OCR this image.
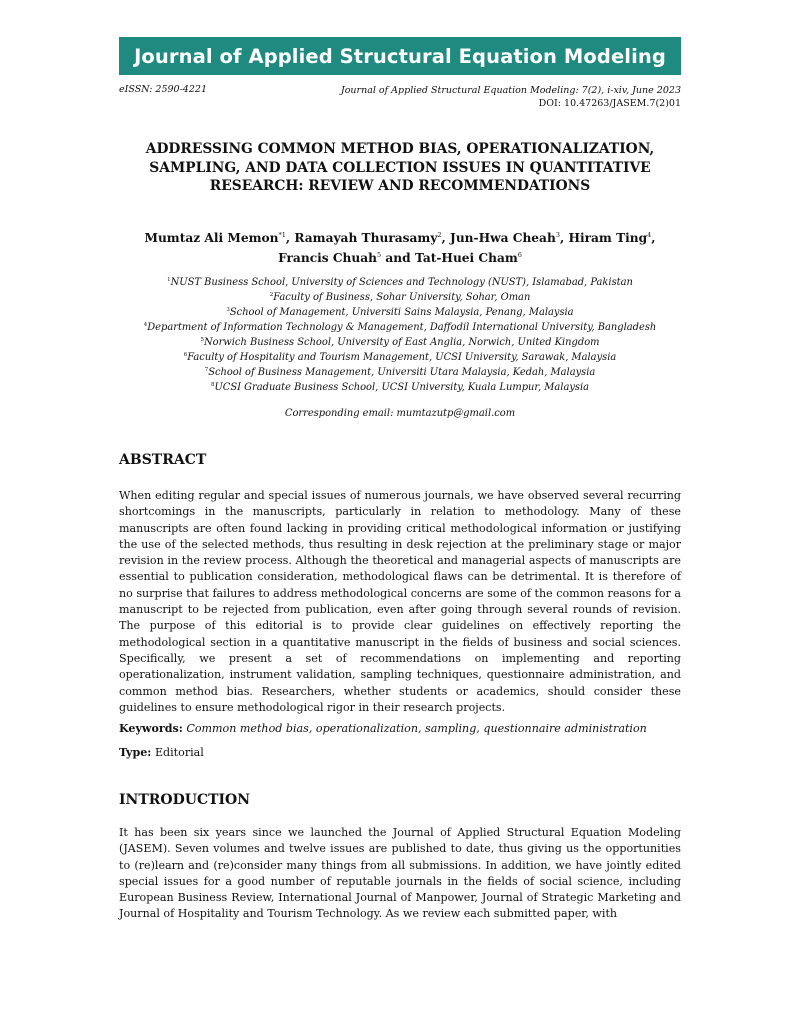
Journal of Applied Structural Equation Modeling
eISSN: 2590-4221	Journal of Applied Structural Equation Modeling: 7(2), i-xiv, June 2023
DOI: 10.47263/JASEM.7(2)01
ADDRESSING COMMON METHOD BIAS, OPERATIONALIZATION, SAMPLING, AND DATA COLLECTION ISSUES IN QUANTITATIVE RESEARCH: REVIEW AND RECOMMENDATIONS
Mumtaz Ali Memon$^{*1}$, Ramayah Thurasamy$^2$, Jun-Hwa Cheah$^3$, Hiram Ting$^4$,
Francis Chuah$^5$ and Tat-Huei Cham$^6$
$^1$NUST Business School, University of Sciences and Technology (NUST), Islamabad, Pakistan
$^2$Faculty of Business, Sohar University, Sohar, Oman
$^3$School of Management, Universiti Sains Malaysia, Penang, Malaysia
$^4$Department of Information Technology & Management, Daffodil International University, Bangladesh
$^5$Norwich Business School, University of East Anglia, Norwich, United Kingdom
$^6$Faculty of Hospitality and Tourism Management, UCSI University, Sarawak, Malaysia
$^7$School of Business Management, Universiti Utara Malaysia, Kedah, Malaysia
$^8$UCSI Graduate Business School, UCSI University, Kuala Lumpur, Malaysia
Corresponding email: mumtazutp@gmail.com
ABSTRACT

When editing regular and special issues of numerous journals, we have observed several recurring shortcomings in the manuscripts, particularly in relation to methodology. Many of these manuscripts are often found lacking in providing critical methodological information or justifying the use of the selected methods, thus resulting in desk rejection at the preliminary stage or major revision in the review process. Although the theoretical and managerial aspects of manuscripts are essential to publication consideration, methodological flaws can be detrimental. It is therefore of no surprise that failures to address methodological concerns are some of the common reasons for a manuscript to be rejected from publication, even after going through several rounds of revision. The purpose of this editorial is to provide clear guidelines on effectively reporting the methodological section in a quantitative manuscript in the fields of business and social sciences. Specifically, we present a set of recommendations on implementing and reporting operationalization, instrument validation, sampling techniques, questionnaire administration, and common method bias. Researchers, whether students or academics, should consider these guidelines to ensure methodological rigor in their research projects.

Keywords: Common method bias, operationalization, sampling, questionnaire administration
Type: Editorial
INTRODUCTION

It has been six years since we launched the Journal of Applied Structural Equation Modeling (JASEM). Seven volumes and twelve issues are published to date, thus giving us the opportunities to (re)learn and (re)consider many things from all submissions. In addition, we have jointly edited special issues for a good number of reputable journals in the fields of social science, including European Business Review, International Journal of Manpower, Journal of Strategic Marketing and Journal of Hospitality and Tourism Technology. As we review each submitted paper, with
